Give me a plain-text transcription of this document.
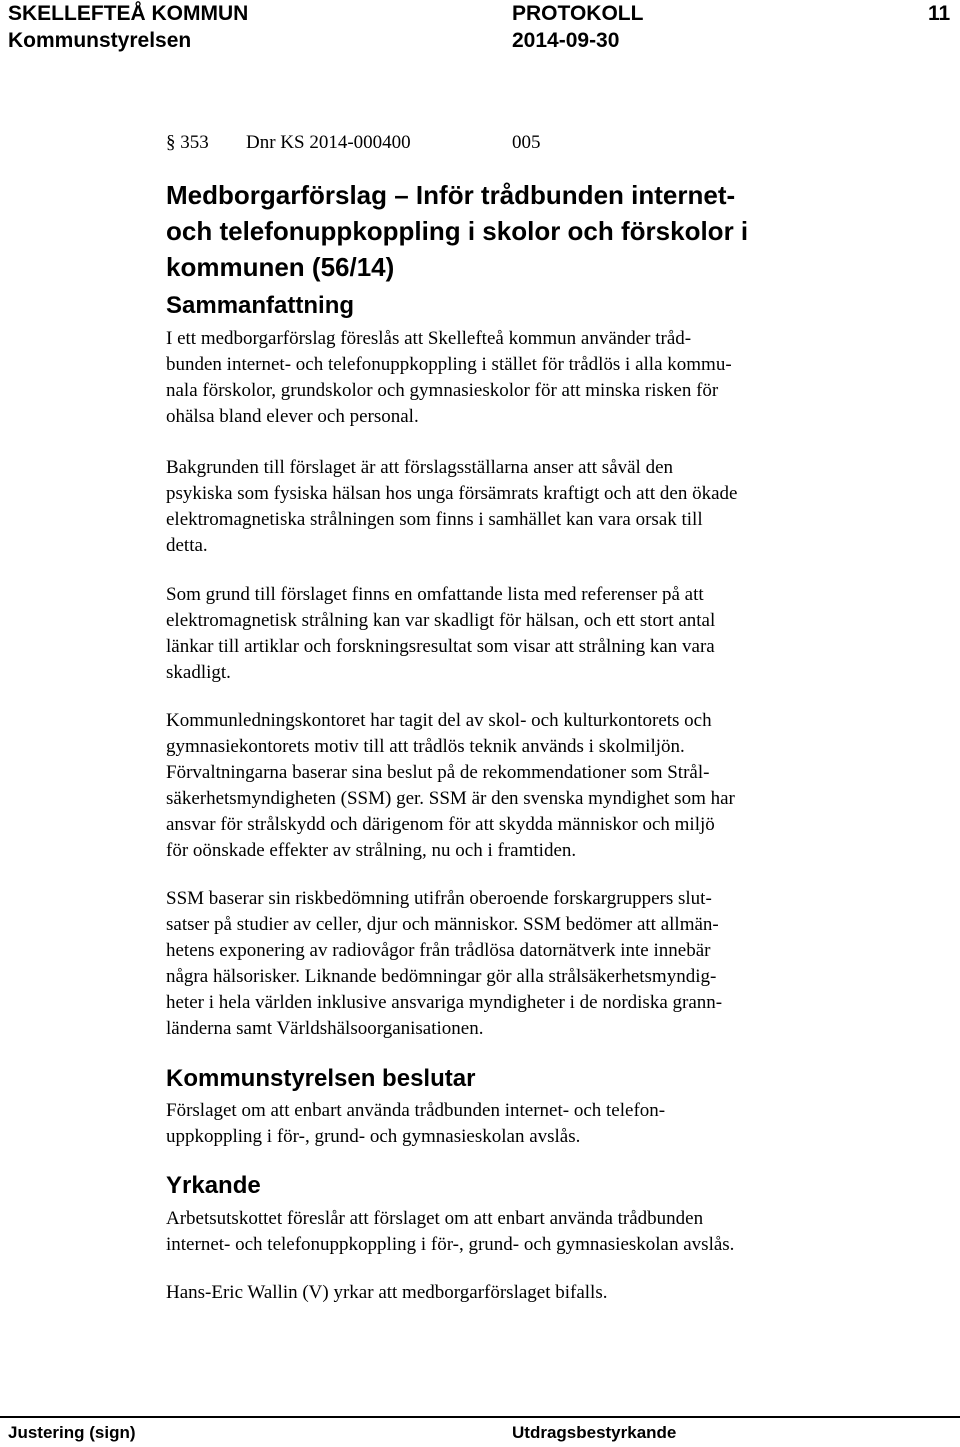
SKELLEFTEÅ KOMMUN	PROTOKOLL	11
Kommunstyrelsen	2014-09-30
§ 353 Dnr KS 2014-000400	005
Medborgarförslag – Inför trådbunden internet-
och telefonuppkoppling i skolor och förskolor i
kommunen (56/14)
Sammanfattning

I ett medborgarförslag föreslås att Skellefteå kommun använder tråd-
bunden internet- och telefonuppkoppling i stället för trådlös i alla kommu-
nala förskolor, grundskolor och gymnasieskolor för att minska risken för
ohälsa bland elever och personal.

Bakgrunden till förslaget är att förslagsställarna anser att såväl den
psykiska som fysiska hälsan hos unga försämrats kraftigt och att den ökade
elektromagnetiska strålningen som finns i samhället kan vara orsak till
detta.

Som grund till förslaget finns en omfattande lista med referenser på att
elektromagnetisk strålning kan var skadligt för hälsan, och ett stort antal
länkar till artiklar och forskningsresultat som visar att strålning kan vara
skadligt.

Kommunledningskontoret har tagit del av skol- och kulturkontorets och
gymnasiekontorets motiv till att trådlös teknik används i skolmiljön.
Förvaltningarna baserar sina beslut på de rekommendationer som Strål-
säkerhetsmyndigheten (SSM) ger. SSM är den svenska myndighet som har
ansvar för strålskydd och därigenom för att skydda människor och miljö
för oönskade effekter av strålning, nu och i framtiden.

SSM baserar sin riskbedömning utifrån oberoende forskargruppers slut-
satser på studier av celler, djur och människor. SSM bedömer att allmän-
hetens exponering av radiovågor från trådlösa datornätverk inte innebär
några hälsorisker. Liknande bedömningar gör alla strålsäkerhetsmyndig-
heter i hela världen inklusive ansvariga myndigheter i de nordiska grann-
länderna samt Världshälsoorganisationen.

Kommunstyrelsen beslutar

Förslaget om att enbart använda trådbunden internet- och telefon-
uppkoppling i för-, grund- och gymnasieskolan avslås.

Yrkande

Arbetsutskottet föreslår att förslaget om att enbart använda trådbunden
internet- och telefonuppkoppling i för-, grund- och gymnasieskolan avslås.

Hans-Eric Wallin (V) yrkar att medborgarförslaget bifalls.

Justering (sign)	Utdragsbestyrkande
